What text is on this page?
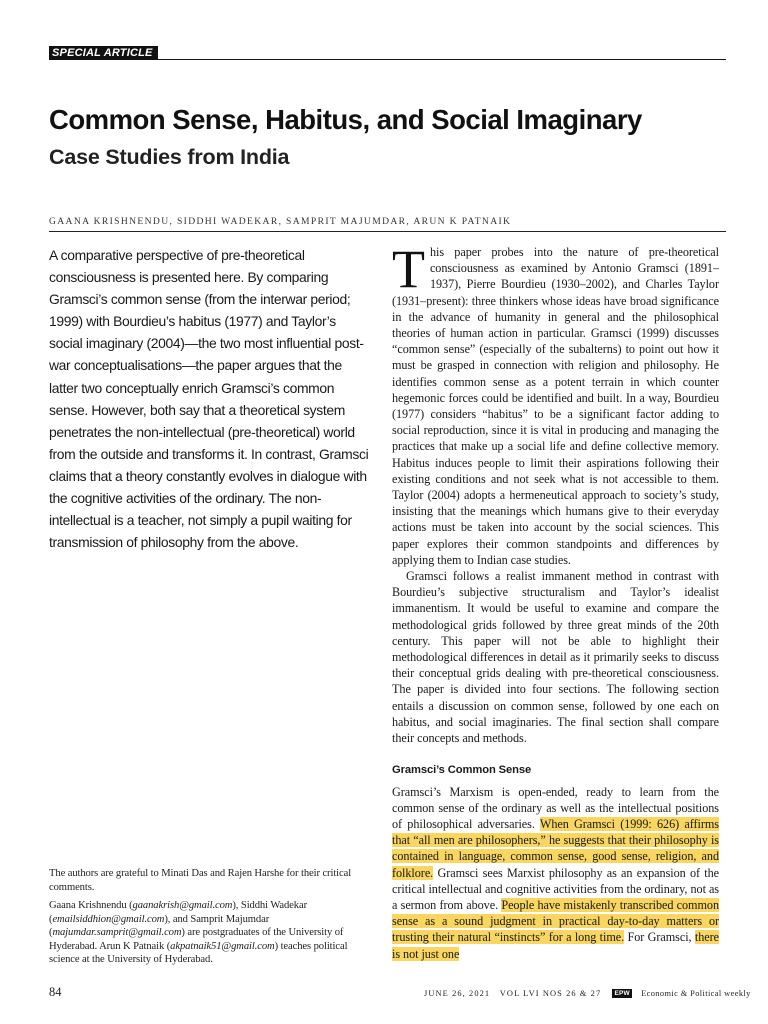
SPECIAL ARTICLE
Common Sense, Habitus, and Social Imaginary
Case Studies from India
GAANA KRISHNENDU, SIDDHI WADEKAR, SAMPRIT MAJUMDAR, ARUN K PATNAIK

A comparative perspective of pre-theoretical consciousness is presented here. By comparing Gramsci’s common sense (from the interwar period; 1999) with Bourdieu’s habitus (1977) and Taylor’s social imaginary (2004)—the two most influential post-war conceptualisations—the paper argues that the latter two conceptually enrich Gramsci’s common sense. However, both say that a theoretical system penetrates the non-intellectual (pre-theoretical) world from the outside and transforms it. In contrast, Gramsci claims that a theory constantly evolves in dialogue with the cognitive activities of the ordinary. The non-intellectual is a teacher, not simply a pupil waiting for transmission of philosophy from the above.

The authors are grateful to Minati Das and Rajen Harshe for their critical comments.

Gaana Krishnendu (gaanakrish@gmail.com), Siddhi Wadekar (emailsiddhion@gmail.com), and Samprit Majumdar (majumdar.samprit@gmail.com) are postgraduates of the University of Hyderabad. Arun K Patnaik (akpatnaik51@gmail.com) teaches political science at the University of Hyderabad.

This paper probes into the nature of pre-theoretical consciousness as examined by Antonio Gramsci (1891–1937), Pierre Bourdieu (1930–2002), and Charles Taylor (1931–present): three thinkers whose ideas have broad significance in the advance of humanity in general and the philosophical theories of human action in particular. Gramsci (1999) discusses “common sense” (especially of the subalterns) to point out how it must be grasped in connection with religion and philosophy. He identifies common sense as a potent terrain in which counter hegemonic forces could be identified and built. In a way, Bourdieu (1977) considers “habitus” to be a significant factor adding to social reproduction, since it is vital in producing and managing the practices that make up a social life and define collective memory. Habitus induces people to limit their aspirations following their existing conditions and not seek what is not accessible to them. Taylor (2004) adopts a hermeneutical approach to society’s study, insisting that the meanings which humans give to their everyday actions must be taken into account by the social sciences. This paper explores their common standpoints and differences by applying them to Indian case studies.

Gramsci follows a realist immanent method in contrast with Bourdieu’s subjective structuralism and Taylor’s idealist immanentism. It would be useful to examine and compare the methodological grids followed by three great minds of the 20th century. This paper will not be able to highlight their methodological differences in detail as it primarily seeks to discuss their conceptual grids dealing with pre-theoretical consciousness. The paper is divided into four sections. The following section entails a discussion on common sense, followed by one each on habitus, and social imaginaries. The final section shall compare their concepts and methods.

Gramsci’s Common Sense

Gramsci’s Marxism is open-ended, ready to learn from the common sense of the ordinary as well as the intellectual positions of philosophical adversaries. When Gramsci (1999: 626) affirms that “all men are philosophers,” he suggests that their philosophy is contained in language, common sense, good sense, religion, and folklore. Gramsci sees Marxist philosophy as an expansion of the critical intellectual and cognitive activities from the ordinary, not as a sermon from above. People have mistakenly transcribed common sense as a sound judgment in practical day-to-day matters or trusting their natural “instincts” for a long time. For Gramsci, there is not just one

84	JUNE 26, 2021 VOL LVI NOS 26 & 27 EPW Economic & Political weekly
